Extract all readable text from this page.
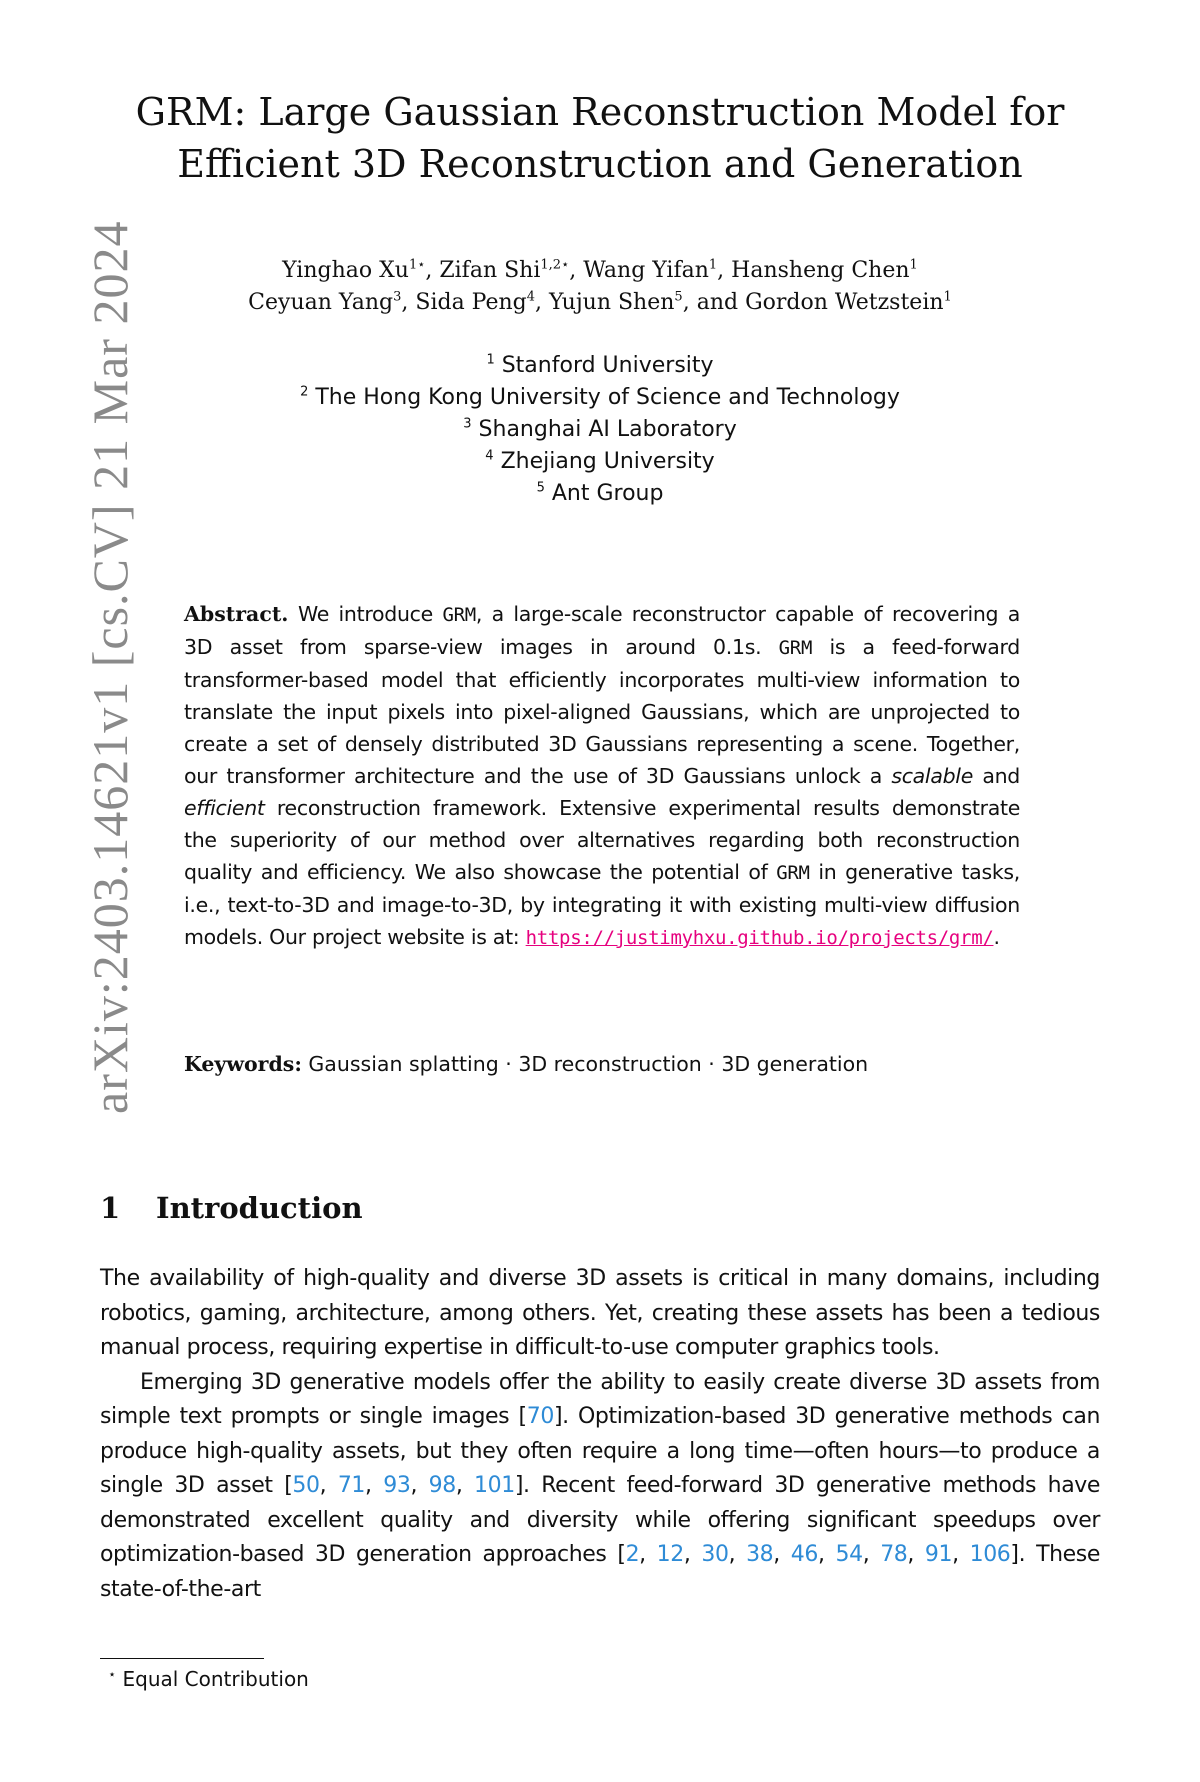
arXiv:2403.14621v1 [cs.CV] 21 Mar 2024
GRM: Large Gaussian Reconstruction Model for
Efficient 3D Reconstruction and Generation
Yinghao $Xu^{1⋆}$, Zifan Shi$^{1,2⋆}$, Wang Yifan$^1$, Hansheng Chen$^1$
Ceyuan Yang$^3$, Sida Peng$^4$, Yujun Shen$^5$, and Gordon Wetzstein$^1$
$^1$ Stanford University
$^2$ The Hong Kong University of Science and Technology
$^3$ Shanghai AI Laboratory
$^4$ Zhejiang University
$^5$ Ant Group
Abstract. We introduce GRM, a large-scale reconstructor capable of recovering a 3D asset from sparse-view images in around 0.1s. GRM is a feed-forward transformer-based model that efficiently incorporates multi-view information to translate the input pixels into pixel-aligned Gaussians, which are unprojected to create a set of densely distributed 3D Gaussians representing a scene. Together, our transformer architecture and the use of 3D Gaussians unlock a scalable and efficient reconstruction framework. Extensive experimental results demonstrate the superiority of our method over alternatives regarding both reconstruction quality and efficiency. We also showcase the potential of GRM in generative tasks, i.e., text-to-3D and image-to-3D, by integrating it with existing multi-view diffusion models. Our project website is at: https://justimyhxu.github.io/projects/grm/.
Keywords: Gaussian splatting · 3D reconstruction · 3D generation
1 Introduction

The availability of high-quality and diverse 3D assets is critical in many domains, including robotics, gaming, architecture, among others. Yet, creating these assets has been a tedious manual process, requiring expertise in difficult-to-use computer graphics tools.

Emerging 3D generative models offer the ability to easily create diverse 3D assets from simple text prompts or single images [70]. Optimization-based 3D generative methods can produce high-quality assets, but they often require a long time—often hours—to produce a single 3D asset [50, 71, 93, 98, 101]. Recent feed-forward 3D generative methods have demonstrated excellent quality and diversity while offering significant speedups over optimization-based 3D generation approaches [2, 12, 30, 38, 46, 54, 78, 91, 106]. These state-of-the-art

⋆ Equal Contribution
